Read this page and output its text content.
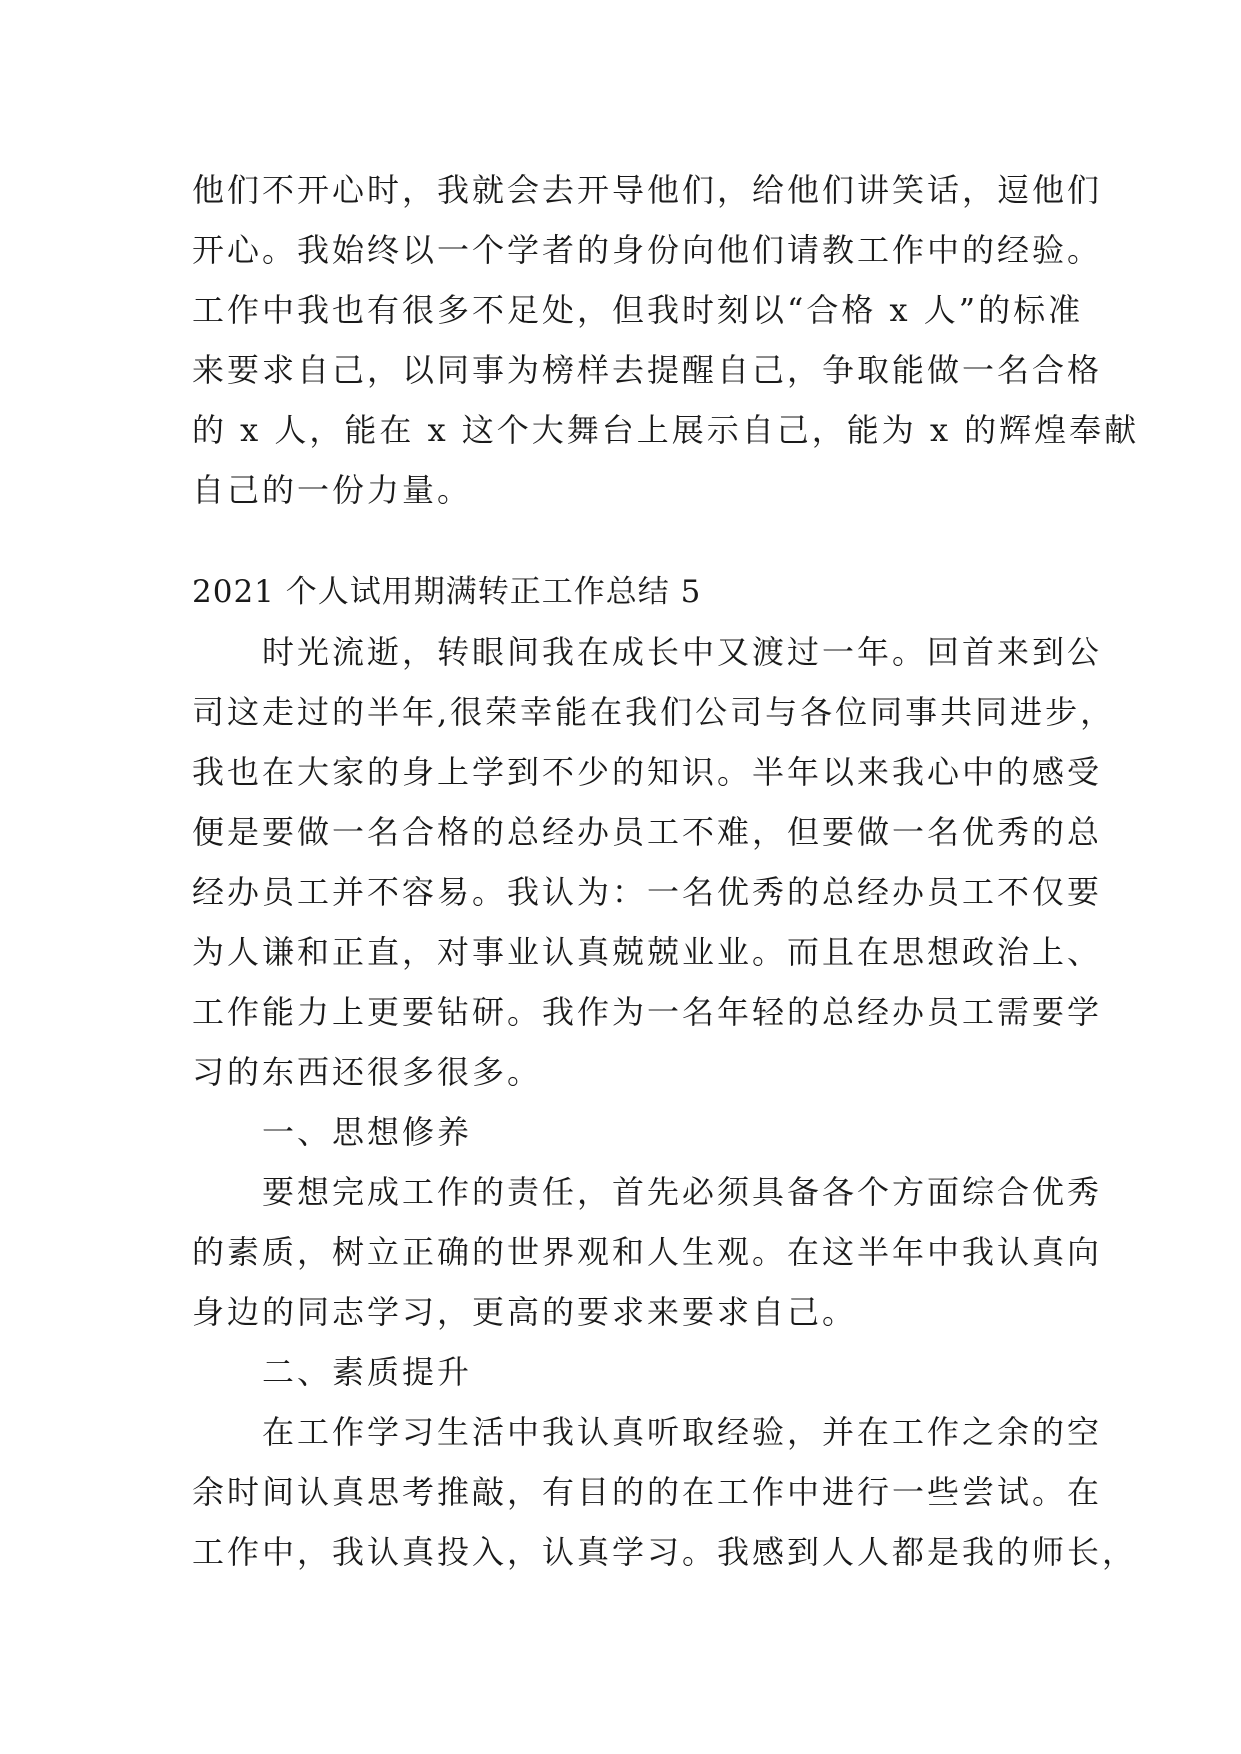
他们不开心时，我就会去开导他们，给他们讲笑话，逗他们
开心。我始终以一个学者的身份向他们请教工作中的经验。
工作中我也有很多不足处，但我时刻以“合格 x 人”的标准
来要求自己，以同事为榜样去提醒自己，争取能做一名合格
的 x 人，能在 x 这个大舞台上展示自己，能为 x 的辉煌奉献
自己的一份力量。
2021 个人试用期满转正工作总结 5
　　时光流逝，转眼间我在成长中又渡过一年。回首来到公
司这走过的半年,很荣幸能在我们公司与各位同事共同进步，
我也在大家的身上学到不少的知识。半年以来我心中的感受
便是要做一名合格的总经办员工不难，但要做一名优秀的总
经办员工并不容易。我认为：一名优秀的总经办员工不仅要
为人谦和正直，对事业认真兢兢业业。而且在思想政治上、
工作能力上更要钻研。我作为一名年轻的总经办员工需要学
习的东西还很多很多。
　　一、思想修养
　　要想完成工作的责任，首先必须具备各个方面综合优秀
的素质，树立正确的世界观和人生观。在这半年中我认真向
身边的同志学习，更高的要求来要求自己。
　　二、素质提升
　　在工作学习生活中我认真听取经验，并在工作之余的空
余时间认真思考推敲，有目的的在工作中进行一些尝试。在
工作中，我认真投入，认真学习。我感到人人都是我的师长，
